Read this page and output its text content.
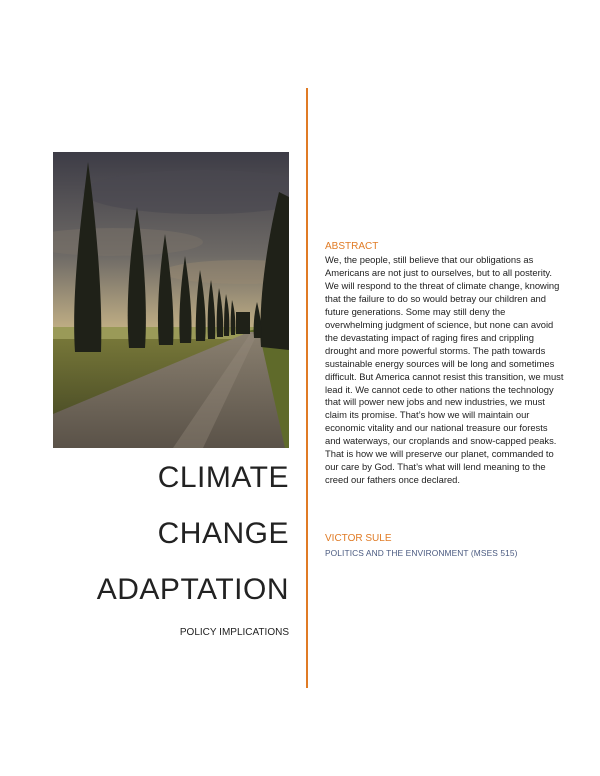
CLIMATE
CHANGE
ADAPTATION
POLICY IMPLICATIONS
ABSTRACT
We, the people, still believe that our obligations as Americans are not just to ourselves, but to all posterity. We will respond to the threat of climate change, knowing that the failure to do so would betray our children and future generations. Some may still deny the overwhelming judgment of science, but none can avoid the devastating impact of raging fires and crippling drought and more powerful storms. The path towards sustainable energy sources will be long and sometimes difficult. But America cannot resist this transition, we must lead it. We cannot cede to other nations the technology that will power new jobs and new industries, we must claim its promise. That’s how we will maintain our economic vitality and our national treasure our forests and waterways, our croplands and snow-capped peaks. That is how we will preserve our planet, commanded to our care by God. That’s what will lend meaning to the creed our fathers once declared.
VICTOR SULE
POLITICS AND THE ENVIRONMENT (MSES 515)
